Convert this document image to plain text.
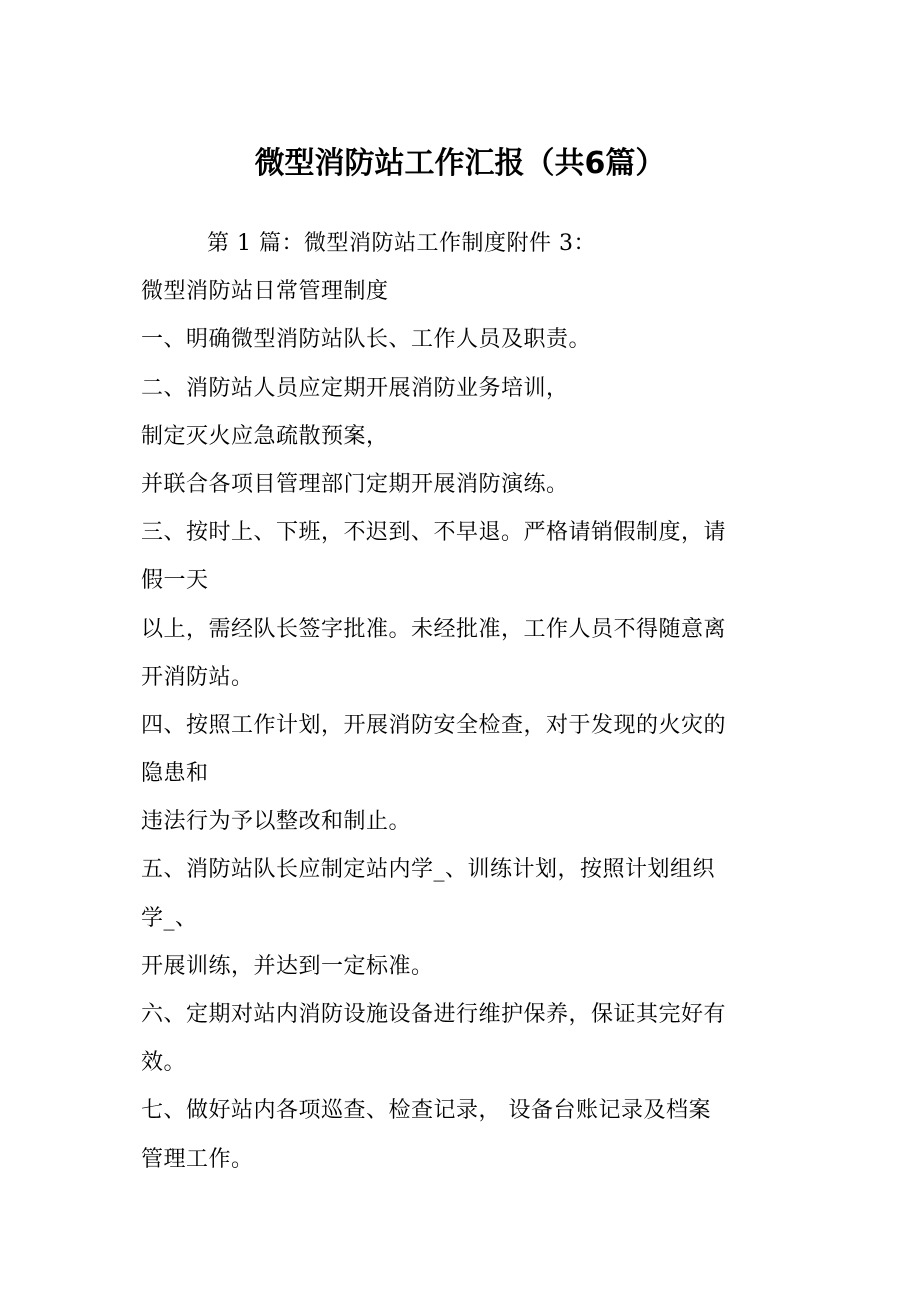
微型消防站工作汇报（共6篇）

第 1 篇：微型消防站工作制度附件 3：

微型消防站日常管理制度

一、明确微型消防站队长、工作人员及职责。

二、消防站人员应定期开展消防业务培训，

制定灭火应急疏散预案，

并联合各项目管理部门定期开展消防演练。

三、按时上、下班，不迟到、不早退。严格请销假制度，请

假一天

以上，需经队长签字批准。未经批准，工作人员不得随意离

开消防站。

四、按照工作计划，开展消防安全检查，对于发现的火灾的

隐患和

违法行为予以整改和制止。

五、消防站队长应制定站内学_、训练计划，按照计划组织

学_、

开展训练，并达到一定标准。

六、定期对站内消防设施设备进行维护保养，保证其完好有

效。

七、做好站内各项巡查、检查记录， 设备台账记录及档案

管理工作。
